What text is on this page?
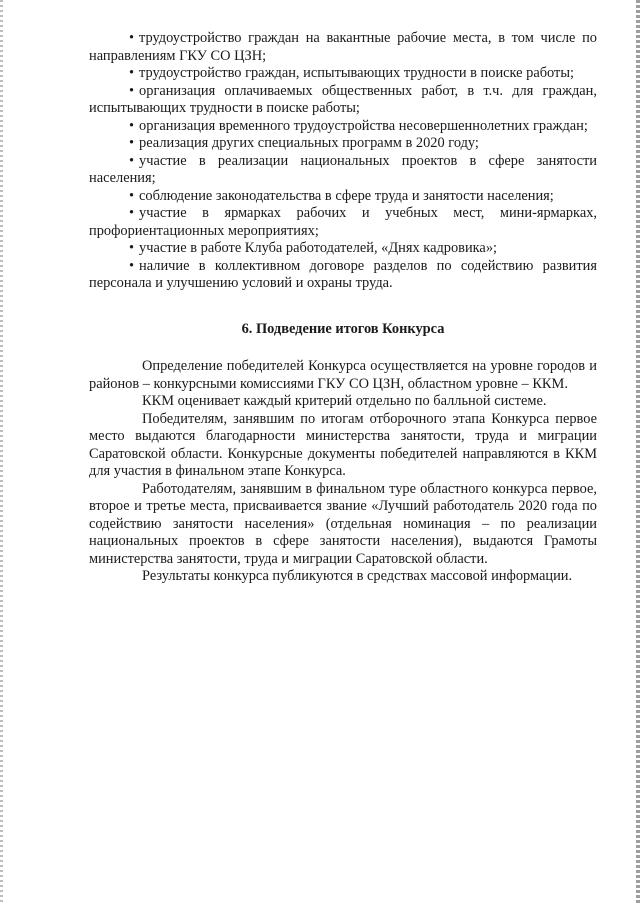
• трудоустройство граждан на вакантные рабочие места, в том числе по направлениям ГКУ СО ЦЗН;

• трудоустройство граждан, испытывающих трудности в поиске работы;

• организация оплачиваемых общественных работ, в т.ч. для граждан, испытывающих трудности в поиске работы;

• организация временного трудоустройства несовершеннолетних граждан;

• реализация других специальных программ в 2020 году;

• участие в реализации национальных проектов в сфере занятости населения;

• соблюдение законодательства в сфере труда и занятости населения;

• участие в ярмарках рабочих и учебных мест, мини-ярмарках, профориентационных мероприятиях;

• участие в работе Клуба работодателей, «Днях кадровика»;

• наличие в коллективном договоре разделов по содействию развития персонала и улучшению условий и охраны труда.

6. Подведение итогов Конкурса

Определение победителей Конкурса осуществляется на уровне городов и районов – конкурсными комиссиями ГКУ СО ЦЗН, областном уровне – ККМ.

ККМ оценивает каждый критерий отдельно по балльной системе.

Победителям, занявшим по итогам отборочного этапа Конкурса первое место выдаются благодарности министерства занятости, труда и миграции Саратовской области. Конкурсные документы победителей направляются в ККМ для участия в финальном этапе Конкурса.

Работодателям, занявшим в финальном туре областного конкурса первое, второе и третье места, присваивается звание «Лучший работодатель 2020 года по содействию занятости населения» (отдельная номинация – по реализации национальных проектов в сфере занятости населения), выдаются Грамоты министерства занятости, труда и миграции Саратовской области.

Результаты конкурса публикуются в средствах массовой информации.
